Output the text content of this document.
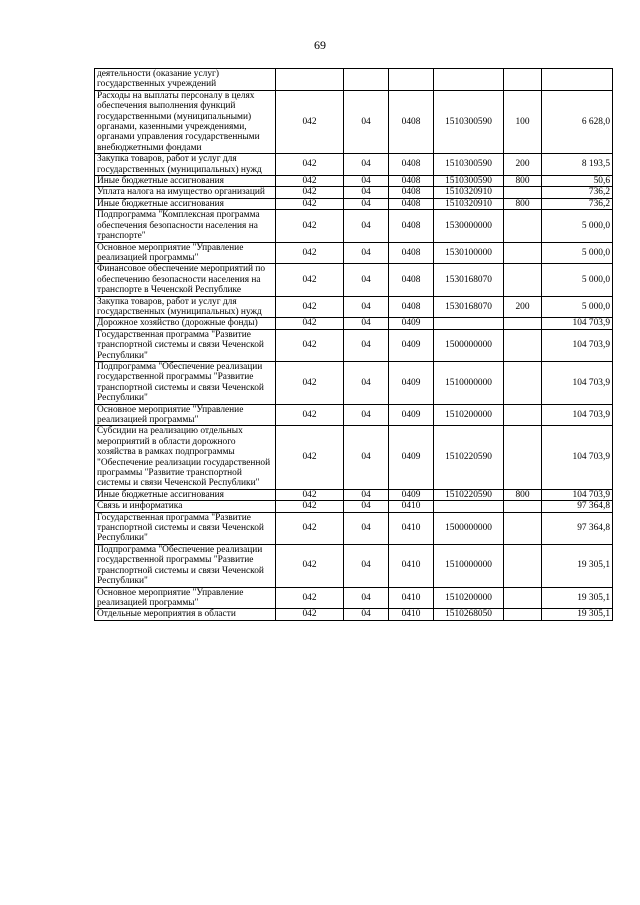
69
деятельности (оказание услуг) государственных учреждений						
Расходы на выплаты персоналу в целях обеспечения выполнения функций государственными (муниципальными) органами, казенными учреждениями, органами управления государственными внебюджетными фондами	042	04	0408	1510300590	100	6 628,0
Закупка товаров, работ и услуг для государственных (муниципальных) нужд	042	04	0408	1510300590	200	8 193,5
Иные бюджетные ассигнования	042	04	0408	1510300590	800	50,6
Уплата налога на имущество организаций	042	04	0408	1510320910		736,2
Иные бюджетные ассигнования	042	04	0408	1510320910	800	736,2
Подпрограмма "Комплексная программа обеспечения безопасности населения на транспорте"	042	04	0408	1530000000		5 000,0
Основное мероприятие "Управление реализацией программы"	042	04	0408	1530100000		5 000,0
Финансовое обеспечение мероприятий по обеспечению безопасности населения на транспорте в Чеченской Республике	042	04	0408	1530168070		5 000,0
Закупка товаров, работ и услуг для государственных (муниципальных) нужд	042	04	0408	1530168070	200	5 000,0
Дорожное хозяйство (дорожные фонды)	042	04	0409			104 703,9
Государственная программа "Развитие транспортной системы и связи Чеченской Республики"	042	04	0409	1500000000		104 703,9
Подпрограмма "Обеспечение реализации государственной программы "Развитие транспортной системы и связи Чеченской Республики"	042	04	0409	1510000000		104 703,9
Основное мероприятие "Управление реализацией программы"	042	04	0409	1510200000		104 703,9
Субсидии на реализацию отдельных мероприятий в области дорожного хозяйства в рамках подпрограммы "Обеспечение реализации государственной программы "Развитие транспортной системы и связи Чеченской Республики"	042	04	0409	1510220590		104 703,9
Иные бюджетные ассигнования	042	04	0409	1510220590	800	104 703,9
Связь и информатика	042	04	0410			97 364,8
Государственная программа "Развитие транспортной системы и связи Чеченской Республики"	042	04	0410	1500000000		97 364,8
Подпрограмма "Обеспечение реализации государственной программы "Развитие транспортной системы и связи Чеченской Республики"	042	04	0410	1510000000		19 305,1
Основное мероприятие "Управление реализацией программы"	042	04	0410	1510200000		19 305,1
Отдельные мероприятия в области	042	04	0410	1510268050		19 305,1
